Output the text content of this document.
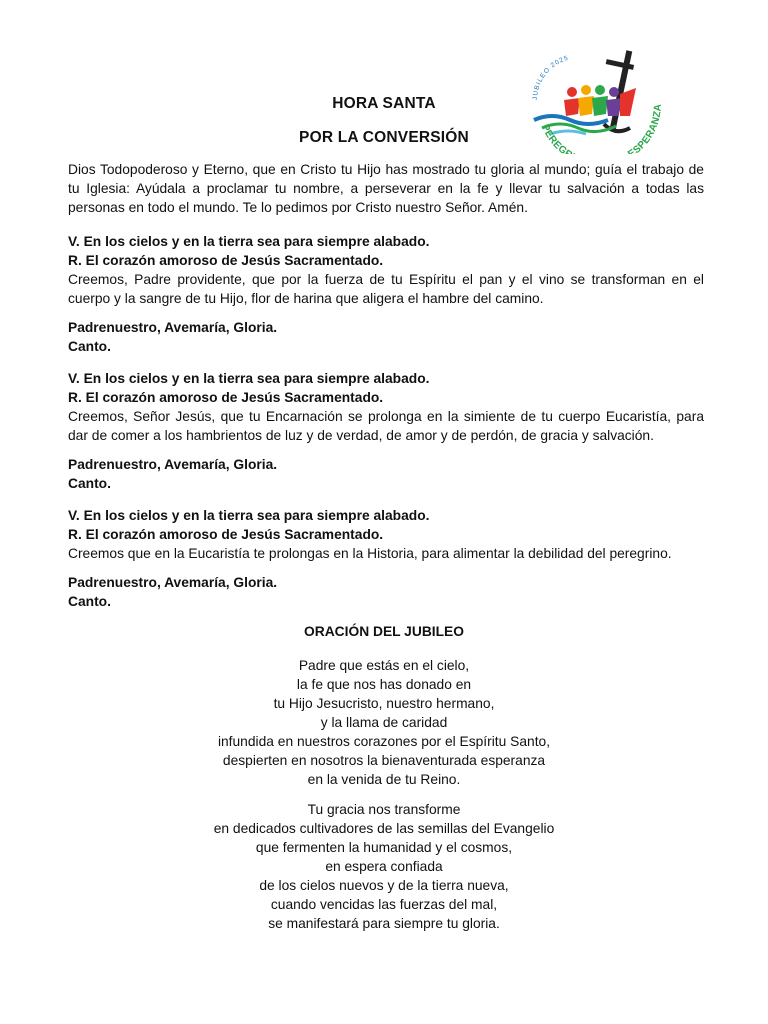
HORA SANTA
POR LA CONVERSIÓN
JUBILEO 2025
PEREG ESPERAN

Dios Todopoderoso y Eterno, que en Cristo tu Hijo has mostrado tu gloria al mundo; guía el trabajo de tu Iglesia: Ayúdala a proclamar tu nombre, a perseverar en la fe y llevar tu salvación a todas las personas en todo el mundo. Te lo pedimos por Cristo nuestro Señor. Amén.

V. En los cielos y en la tierra sea para siempre alabado.

R. El corazón amoroso de Jesús Sacramentado.

Creemos, Padre providente, que por la fuerza de tu Espíritu el pan y el vino se transforman en el cuerpo y la sangre de tu Hijo, flor de harina que aligera el hambre del camino.

Padrenuestro, Avemaría, Gloria.

Canto.

V. En los cielos y en la tierra sea para siempre alabado.

R. El corazón amoroso de Jesús Sacramentado.

Creemos, Señor Jesús, que tu Encarnación se prolonga en la simiente de tu cuerpo Eucaristía, para dar de comer a los hambrientos de luz y de verdad, de amor y de perdón, de gracia y salvación.

Padrenuestro, Avemaría, Gloria.

Canto.

V. En los cielos y en la tierra sea para siempre alabado.

R. El corazón amoroso de Jesús Sacramentado.

Creemos que en la Eucaristía te prolongas en la Historia, para alimentar la debilidad del peregrino.

Padrenuestro, Avemaría, Gloria.

Canto.

ORACIÓN DEL JUBILEO

Padre que estás en el cielo,

la fe que nos has donado en

tu Hijo Jesucristo, nuestro hermano,

y la llama de caridad

infundida en nuestros corazones por el Espíritu Santo,

despierten en nosotros la bienaventurada esperanza

en la venida de tu Reino.

Tu gracia nos transforme

en dedicados cultivadores de las semillas del Evangelio

que fermenten la humanidad y el cosmos,

en espera confiada

de los cielos nuevos y de la tierra nueva,

cuando vencidas las fuerzas del mal,

se manifestará para siempre tu gloria.
